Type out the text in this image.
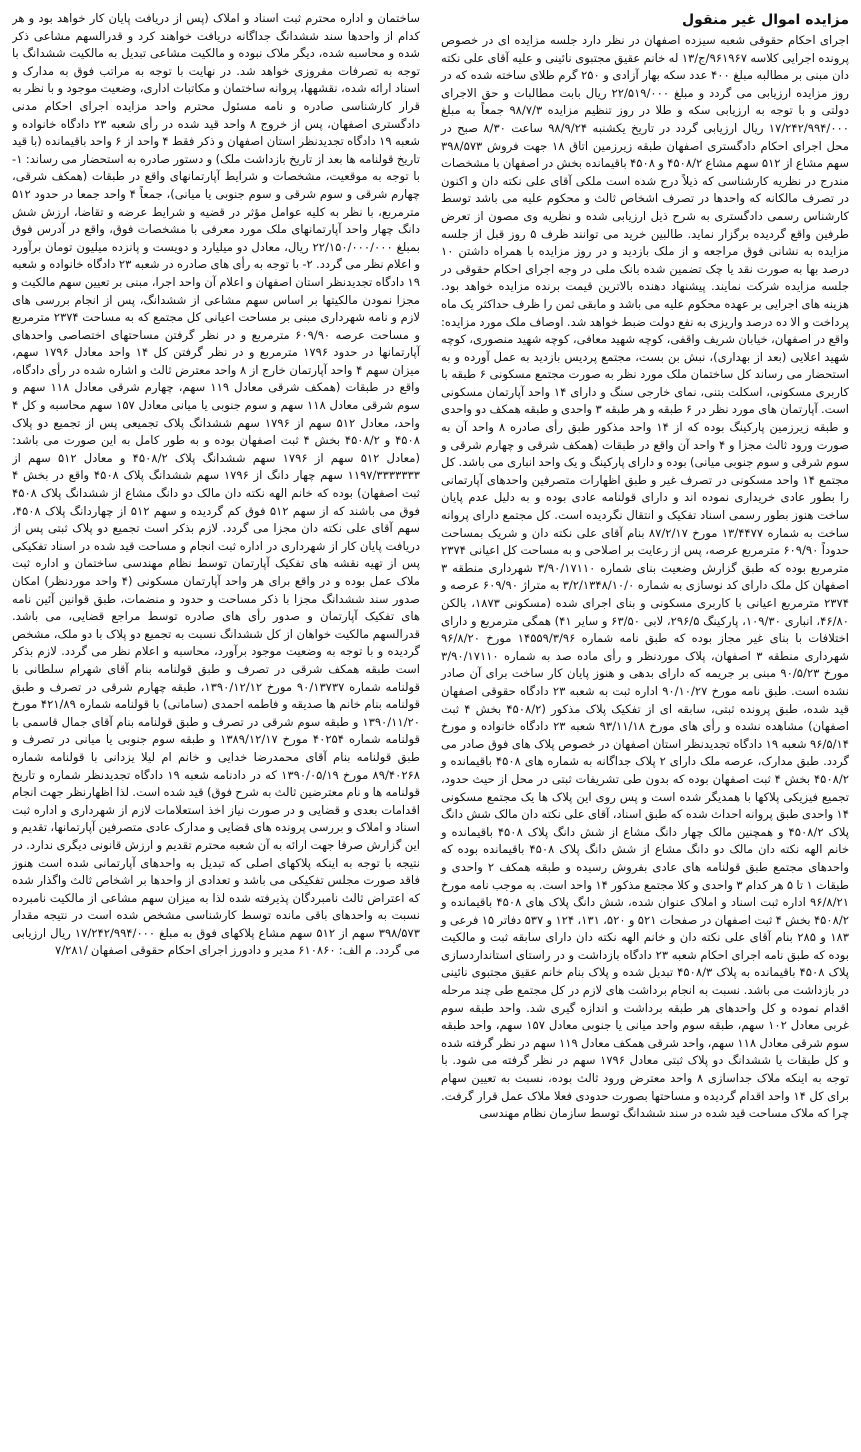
مزایده اموال غیر منقول

اجرای احکام حقوقی شعبه سیزده اصفهان در نظر دارد جلسه مزایده ای در خصوص پرونده اجرایی کلاسه ۹۶۱۹۶۷/ج/۱۳ له خانم عقیق مجتبوی نائینی و علیه آقای علی نکته دان مبنی بر مطالبه مبلغ ۴۰۰ عدد سکه بهار آزادی و ۲۵۰ گرم طلای ساخته شده که در روز مزایده ارزیابی می گردد و مبلغ ۲۲/۵۱۹/۰۰۰ ریال بابت مطالبات و حق الاجرای دولتی و با توجه به ارزیابی سکه و طلا در روز تنظیم مزایده ۹۸/۷/۳ جمعاً به مبلغ ۱۷/۲۴۲/۹۹۴/۰۰۰ ریال ارزیابی گردد در تاریخ یکشنبه ۹۸/۹/۲۴ ساعت ۸/۳۰ صبح در محل اجرای احکام دادگستری اصفهان طبقه زیرزمین اتاق ۱۸ جهت فروش ۳۹۸/۵۷۳ سهم مشاع از ۵۱۲ سهم مشاع ۴۵۰۸/۲ و ۴۵۰۸ باقیمانده بخش در اصفهان با مشخصات مندرج در نظریه کارشناسی که ذیلاً درج شده است ملکی آقای علی نکته دان و اکنون در تصرف مالکانه که واحدها در تصرف اشخاص ثالث و محکوم علیه می باشد توسط کارشناس رسمی دادگستری به شرح ذیل ارزیابی شده و نظریه وی مصون از تعرض طرفین واقع گردیده برگزار نماید. طالبین خرید می توانند ظرف ۵ روز قبل از جلسه مزایده به نشانی فوق مراجعه و از ملک بازدید و در روز مزایده با همراه داشتن ۱۰ درصد بها به صورت نقد یا چک تضمین شده بانک ملی در وجه اجرای احکام حقوقی در جلسه مزایده شرکت نمایند. پیشنهاد دهنده بالاترین قیمت برنده مزایده خواهد بود. هزینه های اجرایی بر عهده محکوم علیه می باشد و مابقی ثمن را ظرف حداکثر یک ماه پرداخت و الا ده درصد واریزی به نفع دولت ضبط خواهد شد. اوصاف ملک مورد مزایده: واقع در اصفهان، خیابان شریف واقفی، کوچه شهید معافی، کوچه شهید منصوری، کوچه شهید اعلایی (بعد از بهداری)، نبش بن بست، مجتمع پردیس بازدید به عمل آورده و به استحضار می رساند کل ساختمان ملک مورد نظر به صورت مجتمع مسکونی ۶ طبقه با کاربری مسکونی، اسکلت بتنی، نمای خارجی سنگ و دارای ۱۴ واحد آپارتمان مسکونی است. آپارتمان های مورد نظر در ۶ طبقه و هر طبقه ۳ واحدی و طبقه همکف دو واحدی و طبقه زیرزمین پارکینگ بوده که از ۱۴ واحد مذکور طبق رأی صادره ۸ واحد آن به صورت ورود ثالث مجزا و ۴ واحد آن واقع در طبقات (همکف شرقی و چهارم شرقی و سوم شرقی و سوم جنوبی میانی) بوده و دارای پارکینگ و یک واحد انباری می باشد. کل مجتمع ۱۴ واحد مسکونی در تصرف غیر و طبق اظهارات متصرفین واحدهای آپارتمانی را بطور عادی خریداری نموده اند و دارای قولنامه عادی بوده و به دلیل عدم پایان ساخت هنوز بطور رسمی اسناد تفکیک و انتقال نگردیده است. کل مجتمع دارای پروانه ساخت به شماره ۱۳/۴۴۷۷ مورخ ۸۷/۲/۱۷ بنام آقای علی نکته دان و شریک بمساحت حدوداً ۶۰۹/۹۰ مترمربع عرصه، پس از رعایت بر اصلاحی و به مساحت کل اعیانی ۲۳۷۴ مترمربع بوده که طبق گزارش وضعیت بنای شماره ۳/۹۰/۱۷۱۱۰ شهرداری منطقه ۳ اصفهان کل ملک دارای کد نوسازی به شماره ۳/۲/۱۳۴۸/۱۰/۰ به متراژ ۶۰۹/۹۰ عرصه و ۲۳۷۴ مترمربع اعیانی با کاربری مسکونی و بنای اجرای شده (مسکونی ۱۸۷۳، بالکن ۴۶/۸۰، انباری ۱۰۹/۳۰، پارکینگ ۲۹۶/۵، لابی ۶۳/۵۰ و سایر ۴۱) همگی مترمربع و دارای اختلافات با بنای غیر مجاز بوده که طبق نامه شماره ۱۴۵۵۹/۳/۹۶ مورخ ۹۶/۸/۲۰ شهرداری منطقه ۳ اصفهان، پلاک موردنظر و رأی ماده صد به شماره ۳/۹۰/۱۷۱۱۰ مورخ ۹۰/۵/۲۳ مبنی بر جریمه که دارای بدهی و هنوز پایان کار ساخت برای آن صادر نشده است. طبق نامه مورخ ۹۰/۱۰/۲۷ اداره ثبت به شعبه ۲۳ دادگاه حقوقی اصفهان قید شده، طبق پرونده ثبتی، سابقه ای از تفکیک پلاک مذکور (۴۵۰۸/۲ بخش ۴ ثبت اصفهان) مشاهده نشده و رأی های مورخ ۹۳/۱۱/۱۸ شعبه ۲۳ دادگاه خانواده و مورخ ۹۶/۵/۱۴ شعبه ۱۹ دادگاه تجدیدنظر استان اصفهان در خصوص پلاک های فوق صادر می گردد. طبق مدارک، عرصه ملک دارای ۲ پلاک جداگانه به شماره های ۴۵۰۸ باقیمانده و ۴۵۰۸/۲ بخش ۴ ثبت اصفهان بوده که بدون طی تشریفات ثبتی در محل از حیث حدود، تجمیع فیزیکی پلاکها با همدیگر شده است و پس روی این پلاک ها یک مجتمع مسکونی ۱۴ واحدی طبق پروانه احداث شده که طبق اسناد، آقای علی نکته دان مالک شش دانگ پلاک ۴۵۰۸/۲ و همچنین مالک چهار دانگ مشاع از شش دانگ پلاک ۴۵۰۸ باقیمانده و خانم الهه نکته دان مالک دو دانگ مشاع از شش دانگ پلاک ۴۵۰۸ باقیمانده بوده که واحدهای مجتمع طبق قولنامه های عادی بفروش رسیده و طبقه همکف ۲ واحدی و طبقات ۱ تا ۵ هر کدام ۳ واحدی و کلا مجتمع مذکور ۱۴ واحد است. به موجب نامه مورخ ۹۶/۸/۲۱ اداره ثبت اسناد و املاک عنوان شده، شش دانگ پلاک های ۴۵۰۸ باقیمانده و ۴۵۰۸/۲ بخش ۴ ثبت اصفهان در صفحات ۵۲۱ و ۵۲۰، ۱۳۱، ۱۲۴ و ۵۳۷ دفاتر ۱۵ فرعی و ۱۸۳ و ۲۸۵ بنام آقای علی نکته دان و خانم الهه نکته دان دارای سابقه ثبت و مالکیت بوده که طبق نامه اجرای احکام شعبه ۲۳ دادگاه بازداشت و در راستای استانداردسازی پلاک ۴۵۰۸ باقیمانده به پلاک ۴۵۰۸/۳ تبدیل شده و پلاک بنام خانم عقیق مجتبوی نائینی در بازداشت می باشد. نسبت به انجام برداشت های لازم در کل مجتمع طی چند مرحله اقدام نموده و کل واحدهای هر طبقه برداشت و اندازه گیری شد. واحد طبقه سوم غربی معادل ۱۰۲ سهم، طبقه سوم واحد میانی یا جنوبی معادل ۱۵۷ سهم، واحد طبقه سوم شرقی معادل ۱۱۸ سهم، واحد شرقی همکف معادل ۱۱۹ سهم در نظر گرفته شده و کل طبقات یا ششدانگ دو پلاک ثبتی معادل ۱۷۹۶ سهم در نظر گرفته می شود. با توجه به اینکه ملاک جداسازی ۸ واحد معترض ورود ثالث بوده، نسبت به تعیین سهام برای کل ۱۴ واحد اقدام گردیده و مساحتها بصورت حدودی فعلا ملاک عمل قرار گرفت. چرا که ملاک مساحت قید شده در سند ششدانگ توسط سازمان نظام مهندسی

ساختمان و اداره محترم ثبت اسناد و املاک (پس از دریافت پایان کار خواهد بود و هر کدام از واحدها سند ششدانگ جداگانه دریافت خواهند کرد و قدرالسهم مشاعی ذکر شده و محاسبه شده، دیگر ملاک نبوده و مالکیت مشاعی تبدیل به مالکیت ششدانگ با توجه به تصرفات مفروزی خواهد شد. در نهایت با توجه به مراتب فوق به مدارک و اسناد ارائه شده، نقشهها، پروانه ساختمان و مکاتبات اداری، وضعیت موجود و با نظر به قرار کارشناسی صادره و نامه مسئول محترم واحد مزایده اجرای احکام مدنی دادگستری اصفهان، پس از خروج ۸ واحد قید شده در رأی شعبه ۲۳ دادگاه خانواده و شعبه ۱۹ دادگاه تجدیدنظر استان اصفهان و ذکر فقط ۴ واحد از ۶ واحد باقیمانده (با قید تاریخ قولنامه ها بعد از تاریخ بازداشت ملک) و دستور صادره به استحضار می رساند: ۱- با توجه به موقعیت، مشخصات و شرایط آپارتمانهای واقع در طبقات (همکف شرقی، چهارم شرقی و سوم شرقی و سوم جنوبی یا میانی)، جمعاً ۴ واحد جمعا در حدود ۵۱۲ مترمربع، با نظر به کلیه عوامل مؤثر در قضیه و شرایط عرضه و تقاضا، ارزش شش دانگ چهار واحد آپارتمانهای ملک مورد معرفی با مشخصات فوق، واقع در آدرس فوق بمبلغ ۲۲/۱۵۰/۰۰۰/۰۰۰ ریال، معادل دو میلیارد و دویست و پانزده میلیون تومان برآورد و اعلام نظر می گردد. ۲- با توجه به رأی های صادره در شعبه ۲۳ دادگاه خانواده و شعبه ۱۹ دادگاه تجدیدنظر استان اصفهان و اعلام آن واحد اجرا، مبنی بر تعیین سهم مالکیت و مجزا نمودن مالکیتها بر اساس سهم مشاعی از ششدانگ، پس از انجام بررسی های لازم و نامه شهرداری مبنی بر مساحت اعیانی کل مجتمع که به مساحت ۲۳۷۴ مترمربع و مساحت عرصه ۶۰۹/۹۰ مترمربع و در نظر گرفتن مساحتهای اختصاصی واحدهای آپارتمانها در حدود ۱۷۹۶ مترمربع و در نظر گرفتن کل ۱۴ واحد معادل ۱۷۹۶ سهم، میزان سهم ۴ واحد آپارتمان خارج از ۸ واحد معترض ثالث و اشاره شده در رأی دادگاه، واقع در طبقات (همکف شرقی معادل ۱۱۹ سهم، چهارم شرقی معادل ۱۱۸ سهم و سوم شرقی معادل ۱۱۸ سهم و سوم جنوبی یا میانی معادل ۱۵۷ سهم محاسبه و کل ۴ واحد، معادل ۵۱۲ سهم از ۱۷۹۶ سهم ششدانگ پلاک تجمیعی پس از تجمیع دو پلاک ۴۵۰۸ و ۴۵۰۸/۲ بخش ۴ ثبت اصفهان بوده و به طور کامل به این صورت می باشد: (معادل ۵۱۲ سهم از ۱۷۹۶ سهم ششدانگ پلاک ۴۵۰۸/۲ و معادل ۵۱۲ سهم از ۱۱۹۷/۳۳۳۳۳۳۳ سهم چهار دانگ از ۱۷۹۶ سهم ششدانگ پلاک ۴۵۰۸ واقع در بخش ۴ ثبت اصفهان) بوده که خانم الهه نکته دان مالک دو دانگ مشاع از ششدانگ پلاک ۴۵۰۸ فوق می باشند که از سهم ۵۱۲ فوق کم گردیده و سهم ۵۱۲ از چهاردانگ پلاک ۴۵۰۸، سهم آقای علی نکته دان مجزا می گردد. لازم بذکر است تجمیع دو پلاک ثبتی پس از دریافت پایان کار از شهرداری در اداره ثبت انجام و مساحت قید شده در اسناد تفکیکی پس از تهیه نقشه های تفکیک آپارتمان توسط نظام مهندسی ساختمان و اداره ثبت ملاک عمل بوده و در واقع برای هر واحد آپارتمان مسکونی (۴ واحد موردنظر) امکان صدور سند ششدانگ مجزا با ذکر مساحت و حدود و منضمات، طبق قوانین آئین نامه های تفکیک آپارتمان و صدور رأی های صادره توسط مراجع قضایی، می باشد. قدرالسهم مالکیت خواهان از کل ششدانگ نسبت به تجمیع دو پلاک با دو ملک، مشخص گردیده و با توجه به وضعیت موجود برآورد، محاسبه و اعلام نظر می گردد. لازم بذکر است طبقه همکف شرقی در تصرف و طبق قولنامه بنام آقای شهرام سلطانی با قولنامه شماره ۹۰/۱۳۷۳۷ مورخ ۱۳۹۰/۱۲/۱۲، طبقه چهارم شرقی در تصرف و طبق قولنامه بنام خانم ها صدیقه و فاطمه احمدی (سامانی) با قولنامه شماره ۴۲۱/۸۹ مورخ ۱۳۹۰/۱۱/۲۰ و طبقه سوم شرقی در تصرف و طبق قولنامه بنام آقای جمال قاسمی با قولنامه شماره ۴۰۲۵۴ مورخ ۱۳۸۹/۱۲/۱۷ و طبقه سوم جنوبی یا میانی در تصرف و طبق قولنامه بنام آقای محمدرضا خدایی و خانم ام لیلا یزدانی با قولنامه شماره ۸۹/۴۰۲۶۸ مورخ ۱۳۹۰/۰۵/۱۹ که در دادنامه شعبه ۱۹ دادگاه تجدیدنظر شماره و تاریخ قولنامه ها و نام معترضین ثالث به شرح فوق) قید شده است. لذا اظهارنظر جهت انجام اقدامات بعدی و قضایی و در صورت نیاز اخذ استعلامات لازم از شهرداری و اداره ثبت اسناد و املاک و بررسی پرونده های قضایی و مدارک عادی متصرفین آپارتمانها، تقدیم و این گزارش صرفا جهت ارائه به آن شعبه محترم تقدیم و ارزش قانونی دیگری ندارد. در نتیجه با توجه به اینکه پلاکهای اصلی که تبدیل به واحدهای آپارتمانی شده است هنوز فاقد صورت مجلس تفکیکی می باشد و تعدادی از واحدها بر اشخاص ثالث واگذار شده که اعتراض ثالث نامبردگان پذیرفته شده لذا به میزان سهم مشاعی از مالکیت نامبرده نسبت به واحدهای باقی مانده توسط کارشناسی مشخص شده است در نتیجه مقدار ۳۹۸/۵۷۳ سهم از ۵۱۲ سهم مشاع پلاکهای فوق به مبلغ ۱۷/۲۴۲/۹۹۴/۰۰۰ ریال ارزیابی می گردد. م الف: ۶۱۰۸۶۰ مدیر و دادورز اجرای احکام حقوقی اصفهان /۷/۲۸۱
